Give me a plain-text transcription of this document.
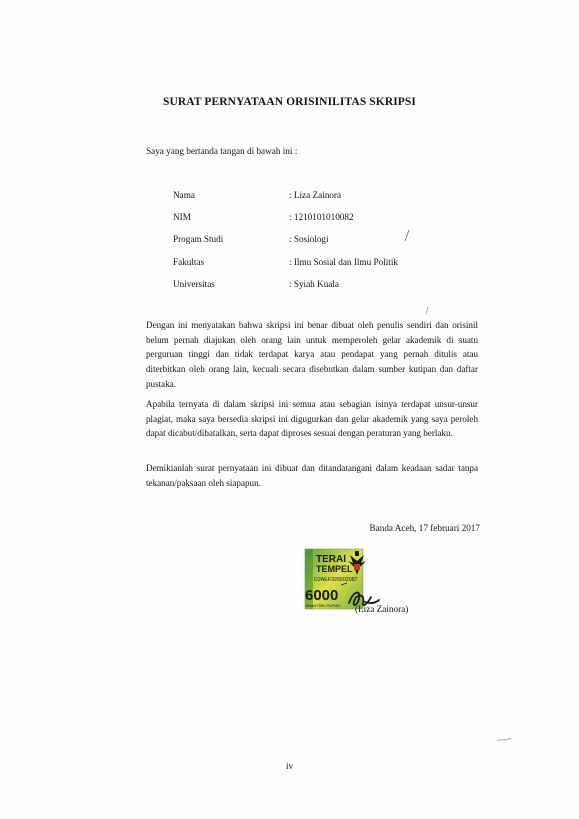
SURAT PERNYATAAN ORISINILITAS SKRIPSI
Saya yang bertanda tangan di bawah ini :
Nama	: Liza Zainora
NIM	: 1210101010082
Progam Studi	: Sosiologi
Fakultas	: Ilmu Sosial dan Ilmu Politik
Universitas	: Syiah Kuala

Dengan ini menyatakan bahwa skripsi ini benar dibuat oleh penulis sendiri dan orisinil belum pernah diajukan oleh orang lain untuk memperoleh gelar akademik di suatu perguruan tinggi dan tidak terdapat karya atau pendapat yang pernah ditulis atau diterbitkan oleh orang lain, kecuali secara disebutkan dalam sumber kutipan dan daftar pustaka.

Apabila ternyata di dalam skripsi ini semua atau sebagian isinya terdapat unsur-unsur plagiat, maka saya bersedia skripsi ini digugurkan dan gelar akademik yang saya peroleh dapat dicabut/dibatalkan, serta dapat diproses sesuai dengan peraturan yang berlaku.

Demikianlah surat pernyataan ini dibuat dan ditandatangani dalam keadaan sadar tanpa tekanan/paksaan oleh siapapun.

Banda Aceh, 17 februari 2017
TERAI
TEMPEL
D2AEF326602087
6000
ENAM RIBU RUPIAH (Liza Zainora)
iv
